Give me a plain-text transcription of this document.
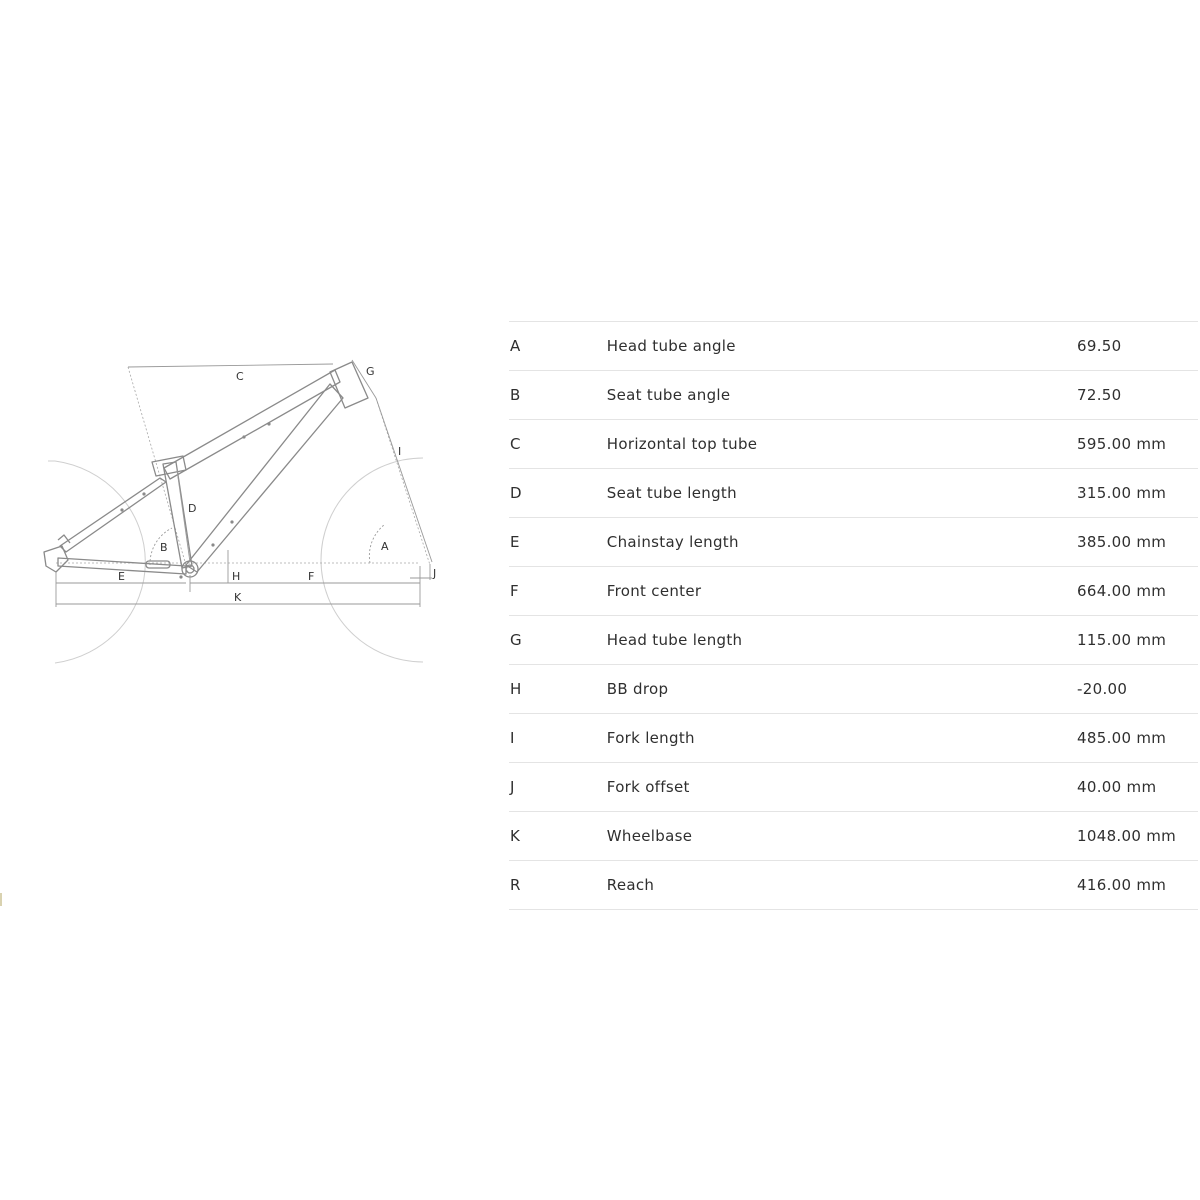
C	G
I
D
B	A
E	H	F	J
K
A	Head tube angle	69.50
B	Seat tube angle	72.50
C	Horizontal top tube	595.00 mm
D	Seat tube length	315.00 mm
E	Chainstay length	385.00 mm
F	Front center	664.00 mm
G	Head tube length	115.00 mm
H	BB drop	-20.00
I	Fork length	485.00 mm
J	Fork offset	40.00 mm
K	Wheelbase	1048.00 mm
R	Reach	416.00 mm
